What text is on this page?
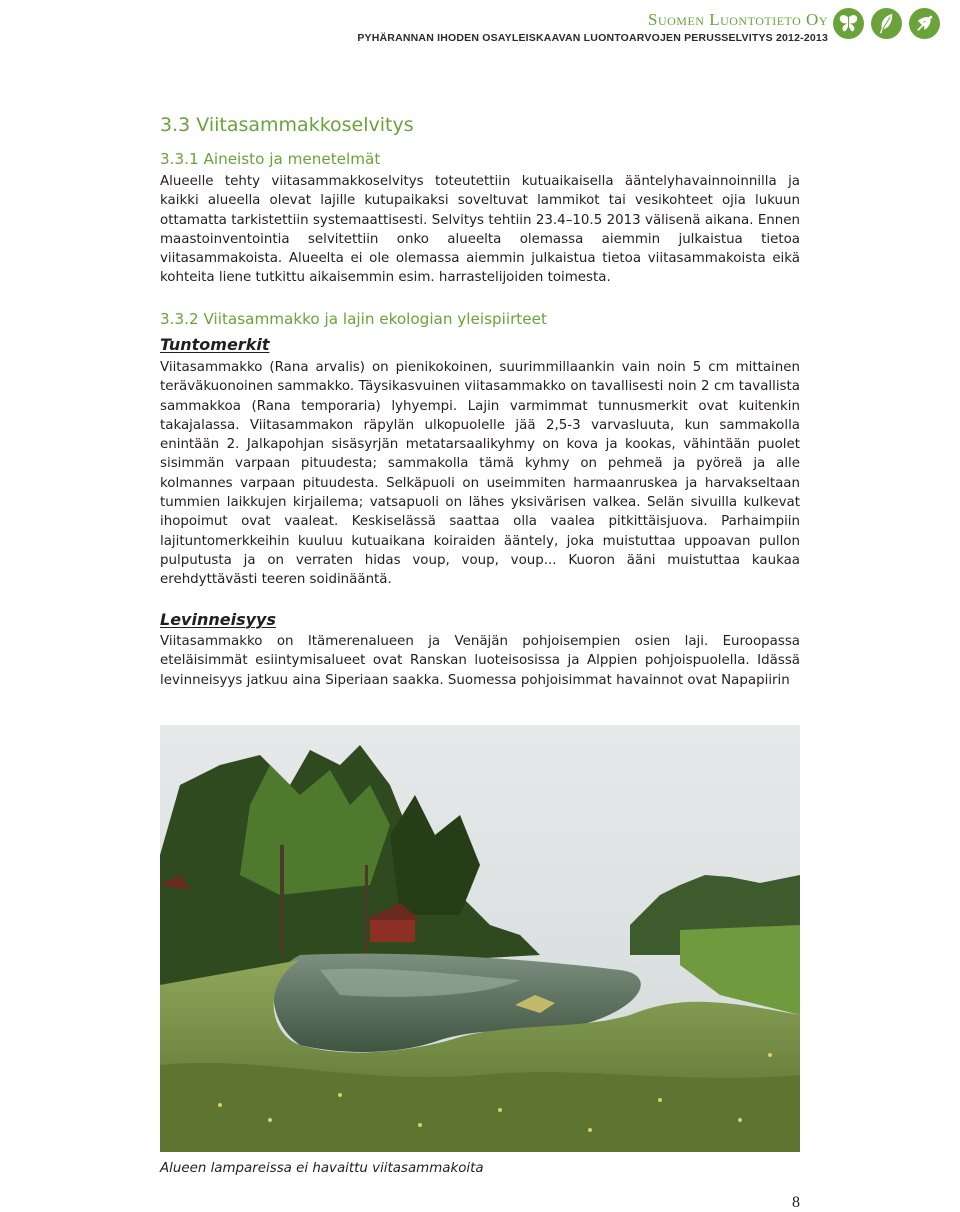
Suomen Luontotieto Oy
PYHÄRANNAN IHODEN OSAYLEISKAAVAN LUONTOARVOJEN PERUSSELVITYS 2012-2013
3.3 Viitasammakkoselvitys
3.3.1 Aineisto ja menetelmät

Alueelle tehty viitasammakkoselvitys toteutettiin kutuaikaisella ääntelyhavainnoinnilla ja kaikki alueella olevat lajille kutupaikaksi soveltuvat lammikot tai vesikohteet ojia lukuun ottamatta tarkistettiin systemaattisesti. Selvitys tehtiin 23.4–10.5 2013 välisenä aikana. Ennen maastoinventointia selvitettiin onko alueelta olemassa aiemmin julkaistua tietoa viitasammakoista. Alueelta ei ole olemassa aiemmin julkaistua tietoa viitasammakoista eikä kohteita liene tutkittu aikaisemmin esim. harrastelijoiden toimesta.

3.3.2 Viitasammakko ja lajin ekologian yleispiirteet
Tuntomerkit

Viitasammakko (Rana arvalis) on pienikokoinen, suurimmillaankin vain noin 5 cm mittainen teräväkuonoinen sammakko. Täysikasvuinen viitasammakko on tavallisesti noin 2 cm tavallista sammakkoa (Rana temporaria) lyhyempi. Lajin varmimmat tunnusmerkit ovat kuitenkin takajalassa. Viitasammakon räpylän ulkopuolelle jää 2,5-3 varvasluuta, kun sammakolla enintään 2. Jalkapohjan sisäsyrjän metatarsaalikyhmy on kova ja kookas, vähintään puolet sisimmän varpaan pituudesta; sammakolla tämä kyhmy on pehmeä ja pyöreä ja alle kolmannes varpaan pituudesta. Selkäpuoli on useimmiten harmaanruskea ja harvakseltaan tummien laikkujen kirjailema; vatsapuoli on lähes yksivärisen valkea. Selän sivuilla kulkevat ihopoimut ovat vaaleat. Keskiselässä saattaa olla vaalea pitkittäisjuova. Parhaimpiin lajituntomerkkeihin kuuluu kutuaikana koiraiden ääntely, joka muistuttaa uppoavan pullon pulputusta ja on verraten hidas voup, voup, voup... Kuoron ääni muistuttaa kaukaa erehdyttävästi teeren soidinääntä.

Levinneisyys

Viitasammakko on Itämerenalueen ja Venäjän pohjoisempien osien laji. Euroopassa eteläisimmät esiintymisalueet ovat Ranskan luoteisosissa ja Alppien pohjoispuolella. Idässä levinneisyys jatkuu aina Siperiaan saakka. Suomessa pohjoisimmat havainnot ovat Napapiirin

Alueen lampareissa ei havaittu viitasammakoita

8
